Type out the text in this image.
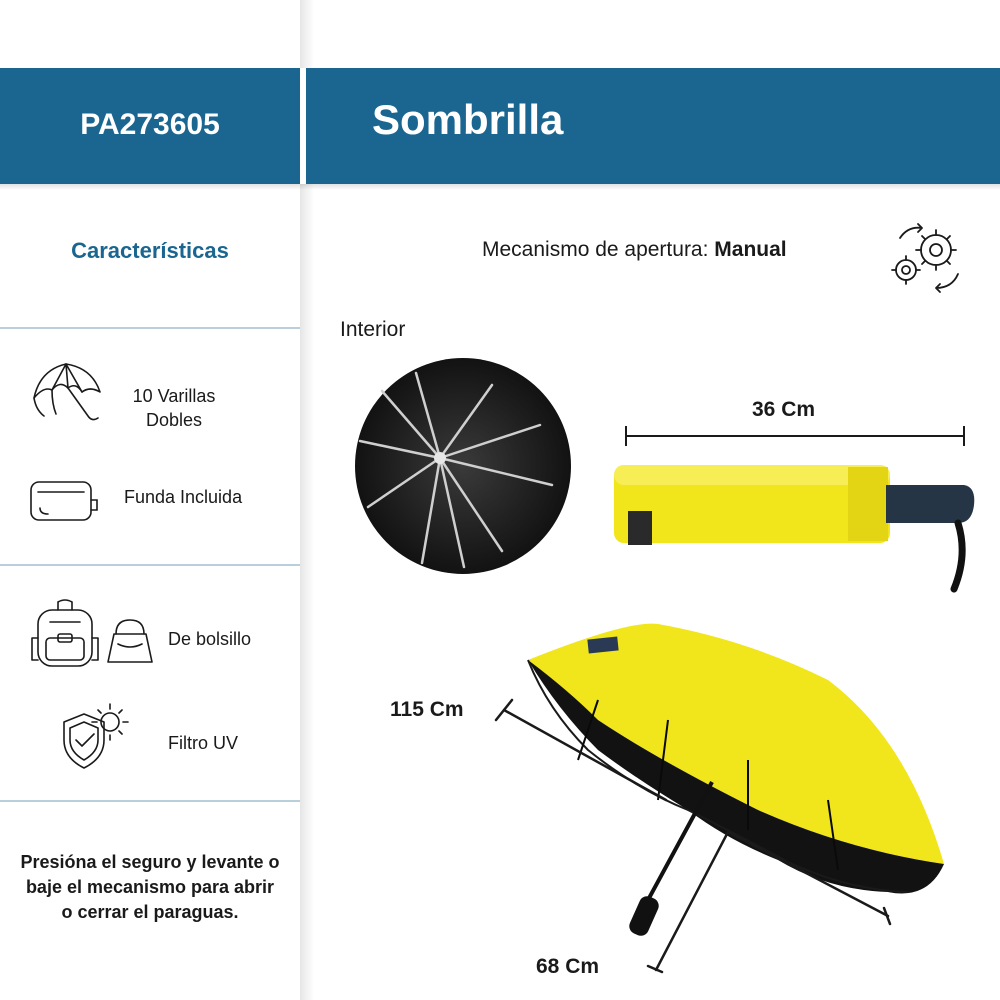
PA273605	Sombrilla
Características
10 Varillas
Dobles
Funda Incluida
De bolsillo
Filtro UV
Presióna el seguro y levante o baje el mecanismo para abrir o cerrar el paraguas.
Mecanismo de apertura: Manual
Interior
36 Cm
115 Cm
68 Cm
